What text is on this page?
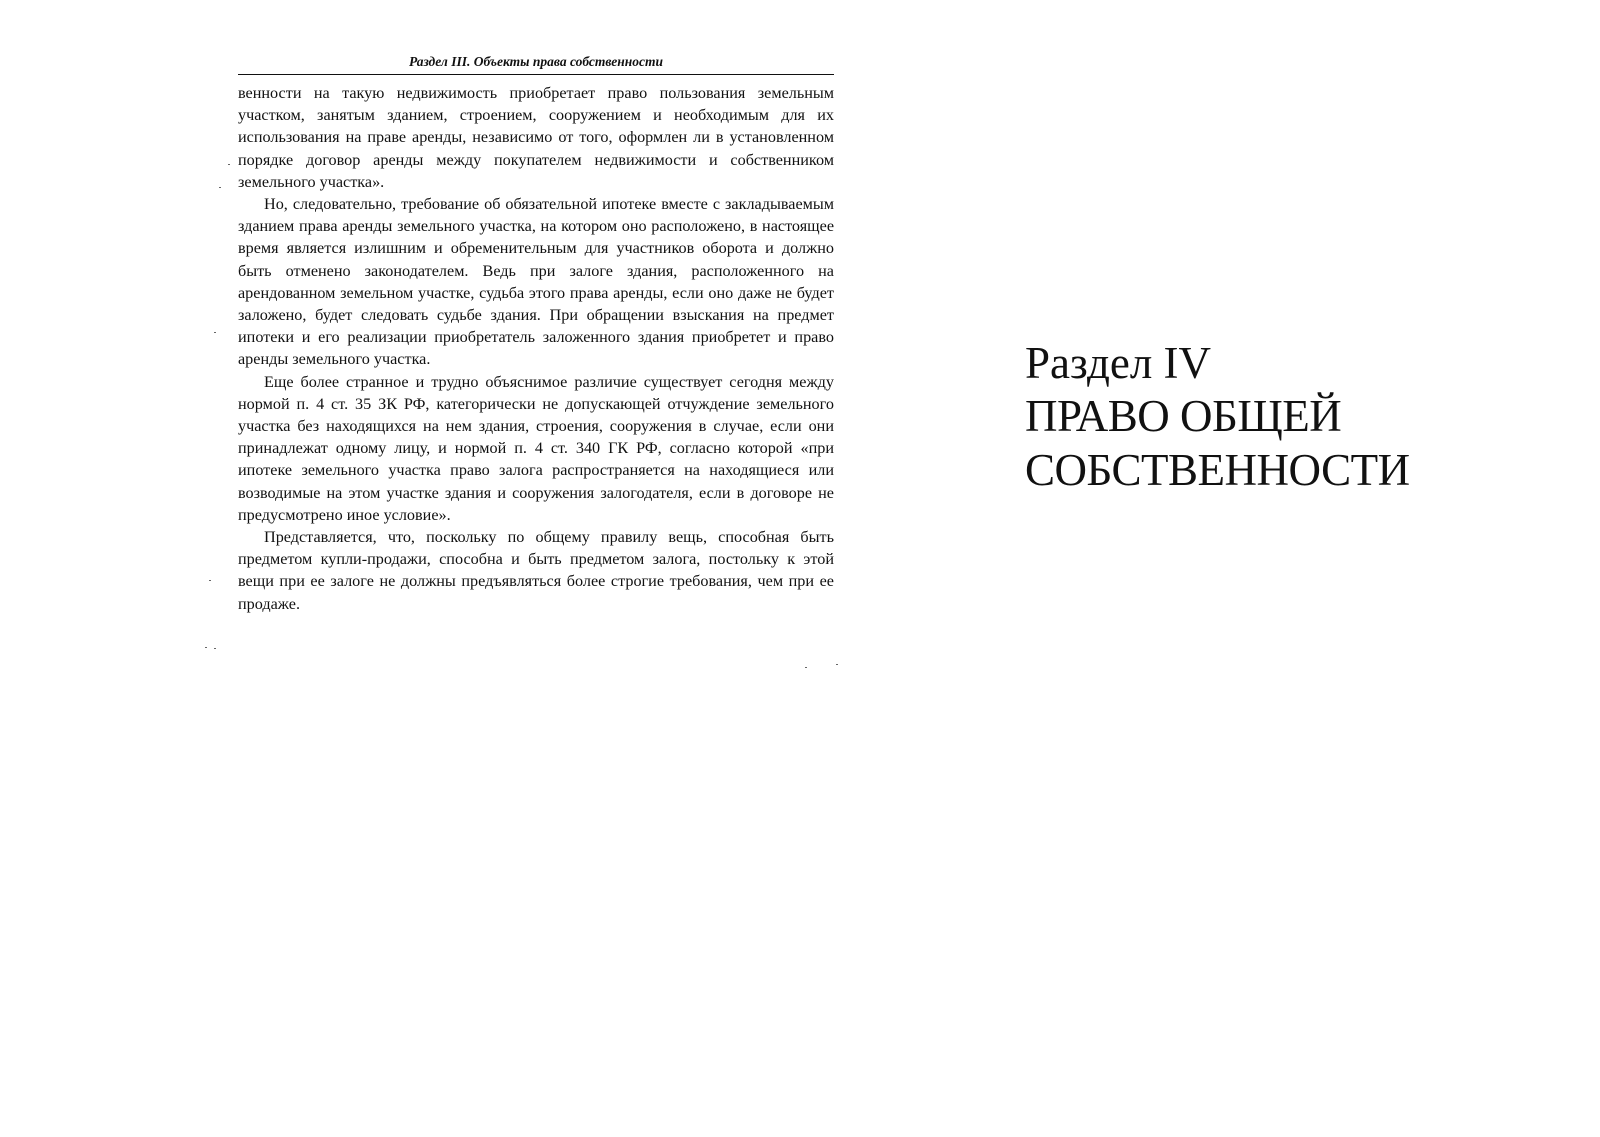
Раздел III. Объекты права собственности

венности на такую недвижимость приобретает право пользования земельным участком, занятым зданием, строением, сооружением и необходимым для их использования на праве аренды, независимо от того, оформлен ли в установленном порядке договор аренды между покупателем недвижимости и собственником земельного участка».

Но, следовательно, требование об обязательной ипотеке вместе с закладываемым зданием права аренды земельного участка, на котором оно расположено, в настоящее время является излишним и обременительным для участников оборота и должно быть отменено законодателем. Ведь при залоге здания, расположенного на арендованном земельном участке, судьба этого права аренды, если оно даже не будет заложено, будет следовать судьбе здания. При обращении взыскания на предмет ипотеки и его реализации приобретатель заложенного здания приобретет и право аренды земельного участка.

Еще более странное и трудно объяснимое различие существует сегодня между нормой п. 4 ст. 35 ЗК РФ, категорически не допускающей отчуждение земельного участка без находящихся на нем здания, строения, сооружения в случае, если они принадлежат одному лицу, и нормой п. 4 ст. 340 ГК РФ, согласно которой «при ипотеке земельного участка право залога распространяется на находящиеся или возводимые на этом участке здания и сооружения залогодателя, если в договоре не предусмотрено иное условие».

Представляется, что, поскольку по общему правилу вещь, способная быть предметом купли-продажи, способна и быть предметом залога, постольку к этой вещи при ее залоге не должны предъявляться более строгие требования, чем при ее продаже.

Раздел IV
ПРАВО ОБЩЕЙ
СОБСТВЕННОСТИ
